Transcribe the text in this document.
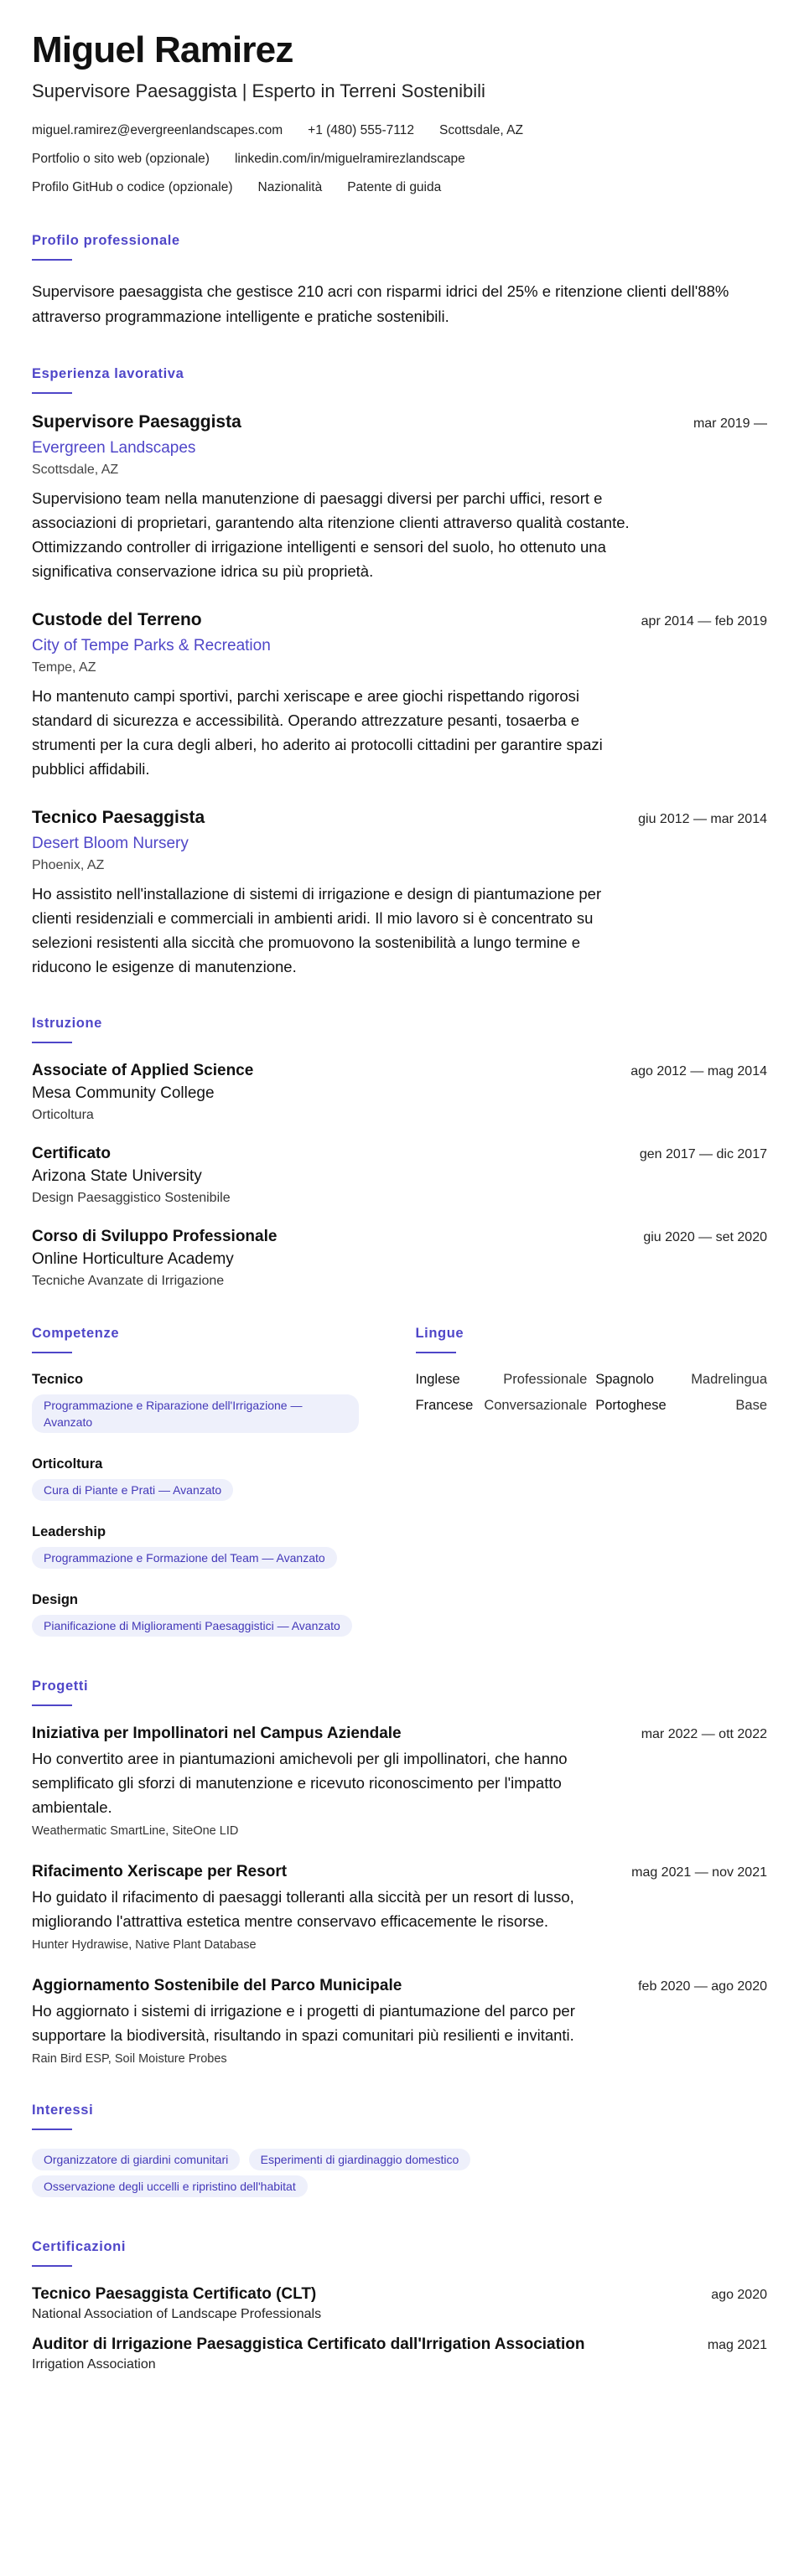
Miguel Ramirez
Supervisore Paesaggista | Esperto in Terreni Sostenibili
miguel.ramirez@evergreenlandscapes.com +1 (480) 555-7112 Scottsdale, AZ
Portfolio o sito web (opzionale) linkedin.com/in/miguelramirezlandscape
Profilo GitHub o codice (opzionale) Nazionalità Patente di guida
Profilo professionale

Supervisore paesaggista che gestisce 210 acri con risparmi idrici del 25% e ritenzione clienti dell'88% attraverso programmazione intelligente e pratiche sostenibili.

Esperienza lavorativa
Supervisore Paesaggista	mar 2019 —
Evergreen Landscapes
Scottsdale, AZ
Supervisiono team nella manutenzione di paesaggi diversi per parchi uffici, resort e associazioni di proprietari, garantendo alta ritenzione clienti attraverso qualità costante. Ottimizzando controller di irrigazione intelligenti e sensori del suolo, ho ottenuto una significativa conservazione idrica su più proprietà.
Custode del Terreno	apr 2014 — feb 2019
City of Tempe Parks & Recreation
Tempe, AZ
Ho mantenuto campi sportivi, parchi xeriscape e aree giochi rispettando rigorosi standard di sicurezza e accessibilità. Operando attrezzature pesanti, tosaerba e strumenti per la cura degli alberi, ho aderito ai protocolli cittadini per garantire spazi pubblici affidabili.
Tecnico Paesaggista	giu 2012 — mar 2014
Desert Bloom Nursery
Phoenix, AZ
Ho assistito nell'installazione di sistemi di irrigazione e design di piantumazione per clienti residenziali e commerciali in ambienti aridi. Il mio lavoro si è concentrato su selezioni resistenti alla siccità che promuovono la sostenibilità a lungo termine e riducono le esigenze di manutenzione.
Istruzione
Associate of Applied Science	ago 2012 — mag 2014
Mesa Community College
Orticoltura
Certificato	gen 2017 — dic 2017
Arizona State University
Design Paesaggistico Sostenibile
Corso di Sviluppo Professionale	giu 2020 — set 2020
Online Horticulture Academy
Tecniche Avanzate di Irrigazione
Competenze
Tecnico
Programmazione e Riparazione dell'Irrigazione — Avanzato
Orticoltura
Cura di Piante e Prati — Avanzato
Leadership
Programmazione e Formazione del Team — Avanzato
Design
Pianificazione di Miglioramenti Paesaggistici — Avanzato
Lingue
Inglese	Professionale Spagnolo	Madrelingua
Francese Conversazionale Portoghese	Base
Progetti
Iniziativa per Impollinatori nel Campus Aziendale	mar 2022 — ott 2022
Ho convertito aree in piantumazioni amichevoli per gli impollinatori, che hanno semplificato gli sforzi di manutenzione e ricevuto riconoscimento per l'impatto ambientale.
Weathermatic SmartLine, SiteOne LID
Rifacimento Xeriscape per Resort	mag 2021 — nov 2021
Ho guidato il rifacimento di paesaggi tolleranti alla siccità per un resort di lusso, migliorando l'attrattiva estetica mentre conservavo efficacemente le risorse.
Hunter Hydrawise, Native Plant Database
Aggiornamento Sostenibile del Parco Municipale	feb 2020 — ago 2020
Ho aggiornato i sistemi di irrigazione e i progetti di piantumazione del parco per supportare la biodiversità, risultando in spazi comunitari più resilienti e invitanti.
Rain Bird ESP, Soil Moisture Probes
Interessi
Organizzatore di giardini comunitari	Esperimenti di giardinaggio domestico Osservazione degli uccelli e ripristino dell'habitat
Certificazioni
Tecnico Paesaggista Certificato (CLT)	ago 2020
National Association of Landscape Professionals
Auditor di Irrigazione Paesaggistica Certificato dall'Irrigation Association	mag 2021
Irrigation Association
